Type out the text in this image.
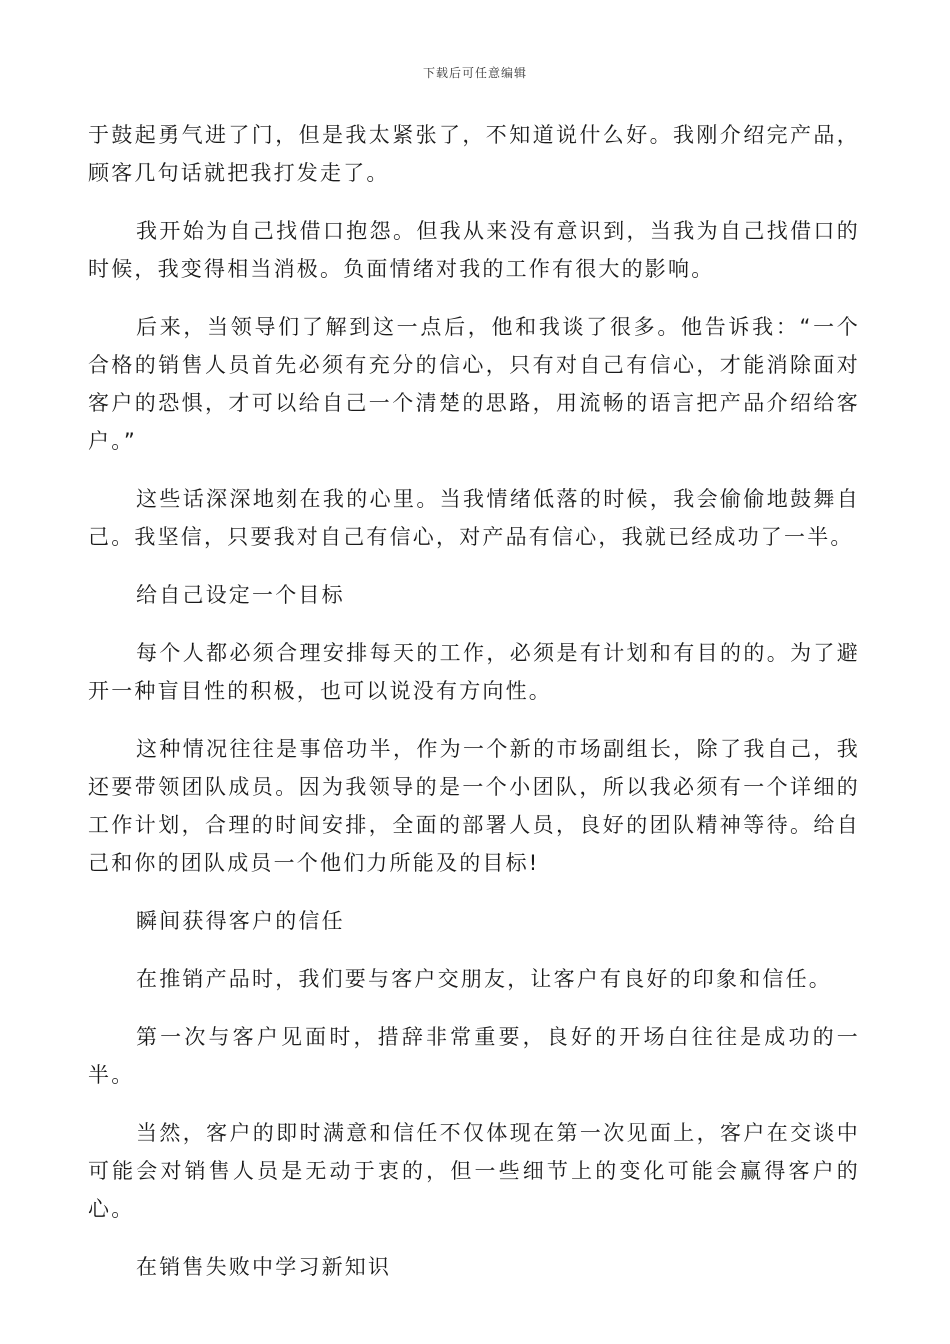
下载后可任意编辑

于鼓起勇气进了门，但是我太紧张了，不知道说什么好。我刚介绍完产品，顾客几句话就把我打发走了。

我开始为自己找借口抱怨。但我从来没有意识到，当我为自己找借口的时候，我变得相当消极。负面情绪对我的工作有很大的影响。

后来，当领导们了解到这一点后，他和我谈了很多。他告诉我：“一个合格的销售人员首先必须有充分的信心，只有对自己有信心，才能消除面对客户的恐惧，才可以给自己一个清楚的思路，用流畅的语言把产品介绍给客户。”

这些话深深地刻在我的心里。当我情绪低落的时候，我会偷偷地鼓舞自己。我坚信，只要我对自己有信心，对产品有信心，我就已经成功了一半。

给自己设定一个目标

每个人都必须合理安排每天的工作，必须是有计划和有目的的。为了避开一种盲目性的积极，也可以说没有方向性。

这种情况往往是事倍功半，作为一个新的市场副组长，除了我自己，我还要带领团队成员。因为我领导的是一个小团队，所以我必须有一个详细的工作计划，合理的时间安排，全面的部署人员，良好的团队精神等待。给自己和你的团队成员一个他们力所能及的目标!

瞬间获得客户的信任

在推销产品时，我们要与客户交朋友，让客户有良好的印象和信任。

第一次与客户见面时，措辞非常重要，良好的开场白往往是成功的一半。

当然，客户的即时满意和信任不仅体现在第一次见面上，客户在交谈中可能会对销售人员是无动于衷的，但一些细节上的变化可能会赢得客户的心。

在销售失败中学习新知识
